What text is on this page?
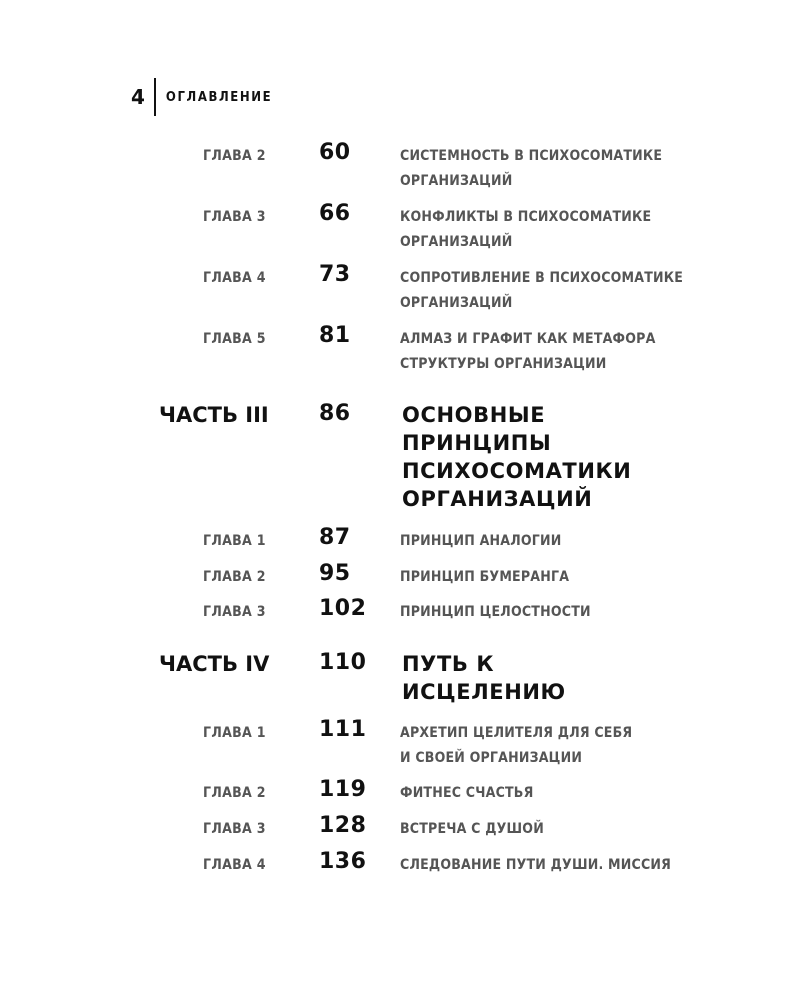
4 ОГЛАВЛЕНИЕ
ГЛАВА 2 60	СИСТЕМНОСТЬ В ПСИХОСОМАТИКЕ ОРГАНИЗАЦИЙ
ГЛАВА 3 66	КОНФЛИКТЫ В ПСИХОСОМАТИКЕ ОРГАНИЗАЦИЙ
ГЛАВА 4 73	СОПРОТИВЛЕНИЕ В ПСИХОСОМАТИКЕ ОРГАНИЗАЦИЙ
ГЛАВА 5 81	АЛМАЗ И ГРАФИТ КАК МЕТАФОРА СТРУКТУРЫ ОРГАНИЗАЦИИ
ЧАСТЬ III 86 ОСНОВНЫЕ ПРИНЦИПЫ ПСИХОСОМАТИКИ ОРГАНИЗАЦИЙ
ГЛАВА 1 87	ПРИНЦИП АНАЛОГИИ
ГЛАВА 2 95	ПРИНЦИП БУМЕРАНГА
ГЛАВА 3 102 ПРИНЦИП ЦЕЛОСТНОСТИ
ЧАСТЬ IV 110 ПУТЬ К ИСЦЕЛЕНИЮ
ГЛАВА 1 111 АРХЕТИП ЦЕЛИТЕЛЯ ДЛЯ СЕБЯ И СВОЕЙ ОРГАНИЗАЦИИ
ГЛАВА 2 119 ФИТНЕС СЧАСТЬЯ
ГЛАВА 3 128 ВСТРЕЧА С ДУШОЙ
ГЛАВА 4 136 СЛЕДОВАНИЕ ПУТИ ДУШИ. МИССИЯ
